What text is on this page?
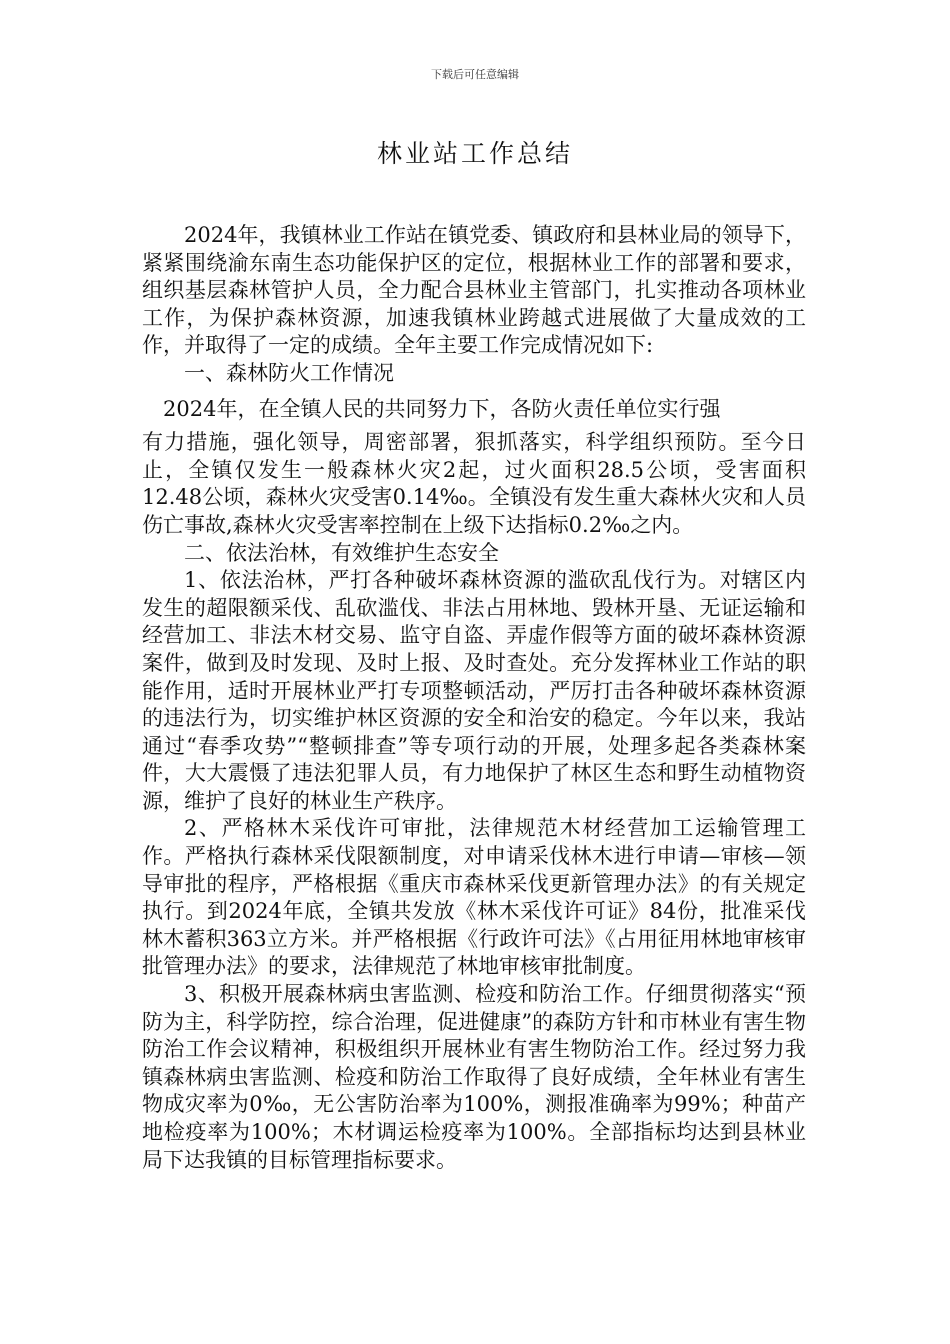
下载后可任意编辑
林业站工作总结

2024年，我镇林业工作站在镇党委、镇政府和县林业局的领导下，紧紧围绕渝东南生态功能保护区的定位，根据林业工作的部署和要求，组织基层森林管护人员，全力配合县林业主管部门，扎实推动各项林业工作，为保护森林资源，加速我镇林业跨越式进展做了大量成效的工作，并取得了一定的成绩。全年主要工作完成情况如下:

一、森林防火工作情况

2024年，在全镇人民的共同努力下，各防火责任单位实行强

有力措施，强化领导，周密部署，狠抓落实，科学组织预防。至今日止，全镇仅发生一般森林火灾2起，过火面积28.5公顷，受害面积12.48公顷，森林火灾受害0.14‰。全镇没有发生重大森林火灾和人员伤亡事故,森林火灾受害率控制在上级下达指标0.2‰之内。

二、依法治林，有效维护生态安全

1、依法治林，严打各种破坏森林资源的滥砍乱伐行为。对辖区内发生的超限额采伐、乱砍滥伐、非法占用林地、毁林开垦、无证运输和经营加工、非法木材交易、监守自盗、弄虚作假等方面的破坏森林资源案件，做到及时发现、及时上报、及时查处。充分发挥林业工作站的职能作用，适时开展林业严打专项整顿活动，严厉打击各种破坏森林资源的违法行为，切实维护林区资源的安全和治安的稳定。今年以来，我站通过“春季攻势”“整顿排查”等专项行动的开展，处理多起各类森林案件，大大震慑了违法犯罪人员，有力地保护了林区生态和野生动植物资源，维护了良好的林业生产秩序。

2、严格林木采伐许可审批，法律规范木材经营加工运输管理工作。严格执行森林采伐限额制度，对申请采伐林木进行申请—审核—领导审批的程序，严格根据《重庆市森林采伐更新管理办法》的有关规定执行。到2024年底，全镇共发放《林木采伐许可证》84份，批准采伐林木蓄积363立方米。并严格根据《行政许可法》《占用征用林地审核审批管理办法》的要求，法律规范了林地审核审批制度。

3、积极开展森林病虫害监测、检疫和防治工作。仔细贯彻落实“预防为主，科学防控，综合治理，促进健康”的森防方针和市林业有害生物防治工作会议精神，积极组织开展林业有害生物防治工作。经过努力我镇森林病虫害监测、检疫和防治工作取得了良好成绩，全年林业有害生物成灾率为0‰，无公害防治率为100%，测报准确率为99%；种苗产地检疫率为100%；木材调运检疫率为100%。全部指标均达到县林业局下达我镇的目标管理指标要求。
